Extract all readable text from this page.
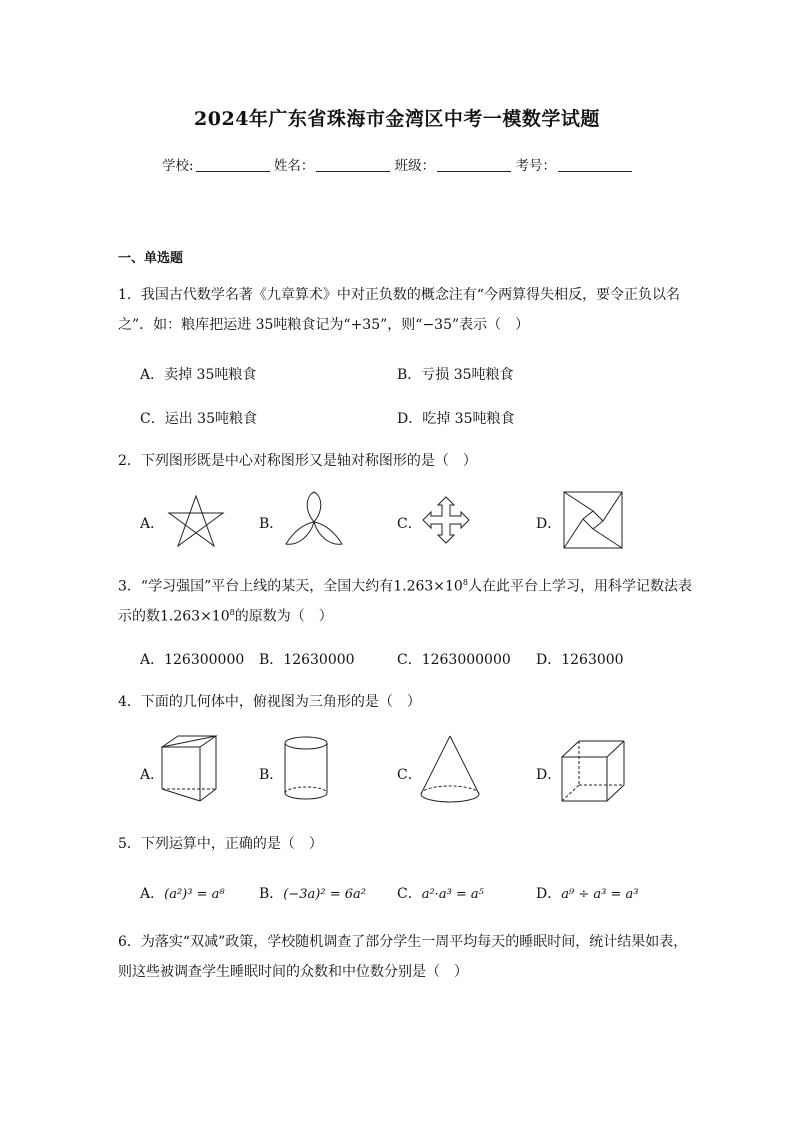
2024年广东省珠海市金湾区中考一模数学试题
学校:	姓名：	班级：	考号：
一、单选题
1．我国古代数学名著《九章算术》中对正负数的概念注有“今两算得失相反，要令正负以名
之”．如：粮库把运进 35吨粮食记为“+35”，则“−35”表示（　）
A．卖掉 35吨粮食	B．亏损 35吨粮食
C．运出 35吨粮食	D．吃掉 35吨粮食
2．下列图形既是中心对称图形又是轴对称图形的是（　）
A．	B．	C．	D．
3．“学习强国”平台上线的某天，全国大约有$1.263\times 10^8$人在此平台上学习，用科学记数法表
示的数$1.263\times 10^8$的原数为（　）
A．126300000 B．12630000	C．1263000000 D．1263000
4．下面的几何体中，俯视图为三角形的是（　）
A．	B．	C．	D．
5．下列运算中，正确的是（　）
A．(a²)³ = a⁸ B．(−3a)² = 6a² C．a²·a³ = a⁵	D．a⁹ ÷ a³ = a³
6．为落实“双减”政策，学校随机调查了部分学生一周平均每天的睡眠时间，统计结果如表，
则这些被调查学生睡眠时间的众数和中位数分别是（　）
